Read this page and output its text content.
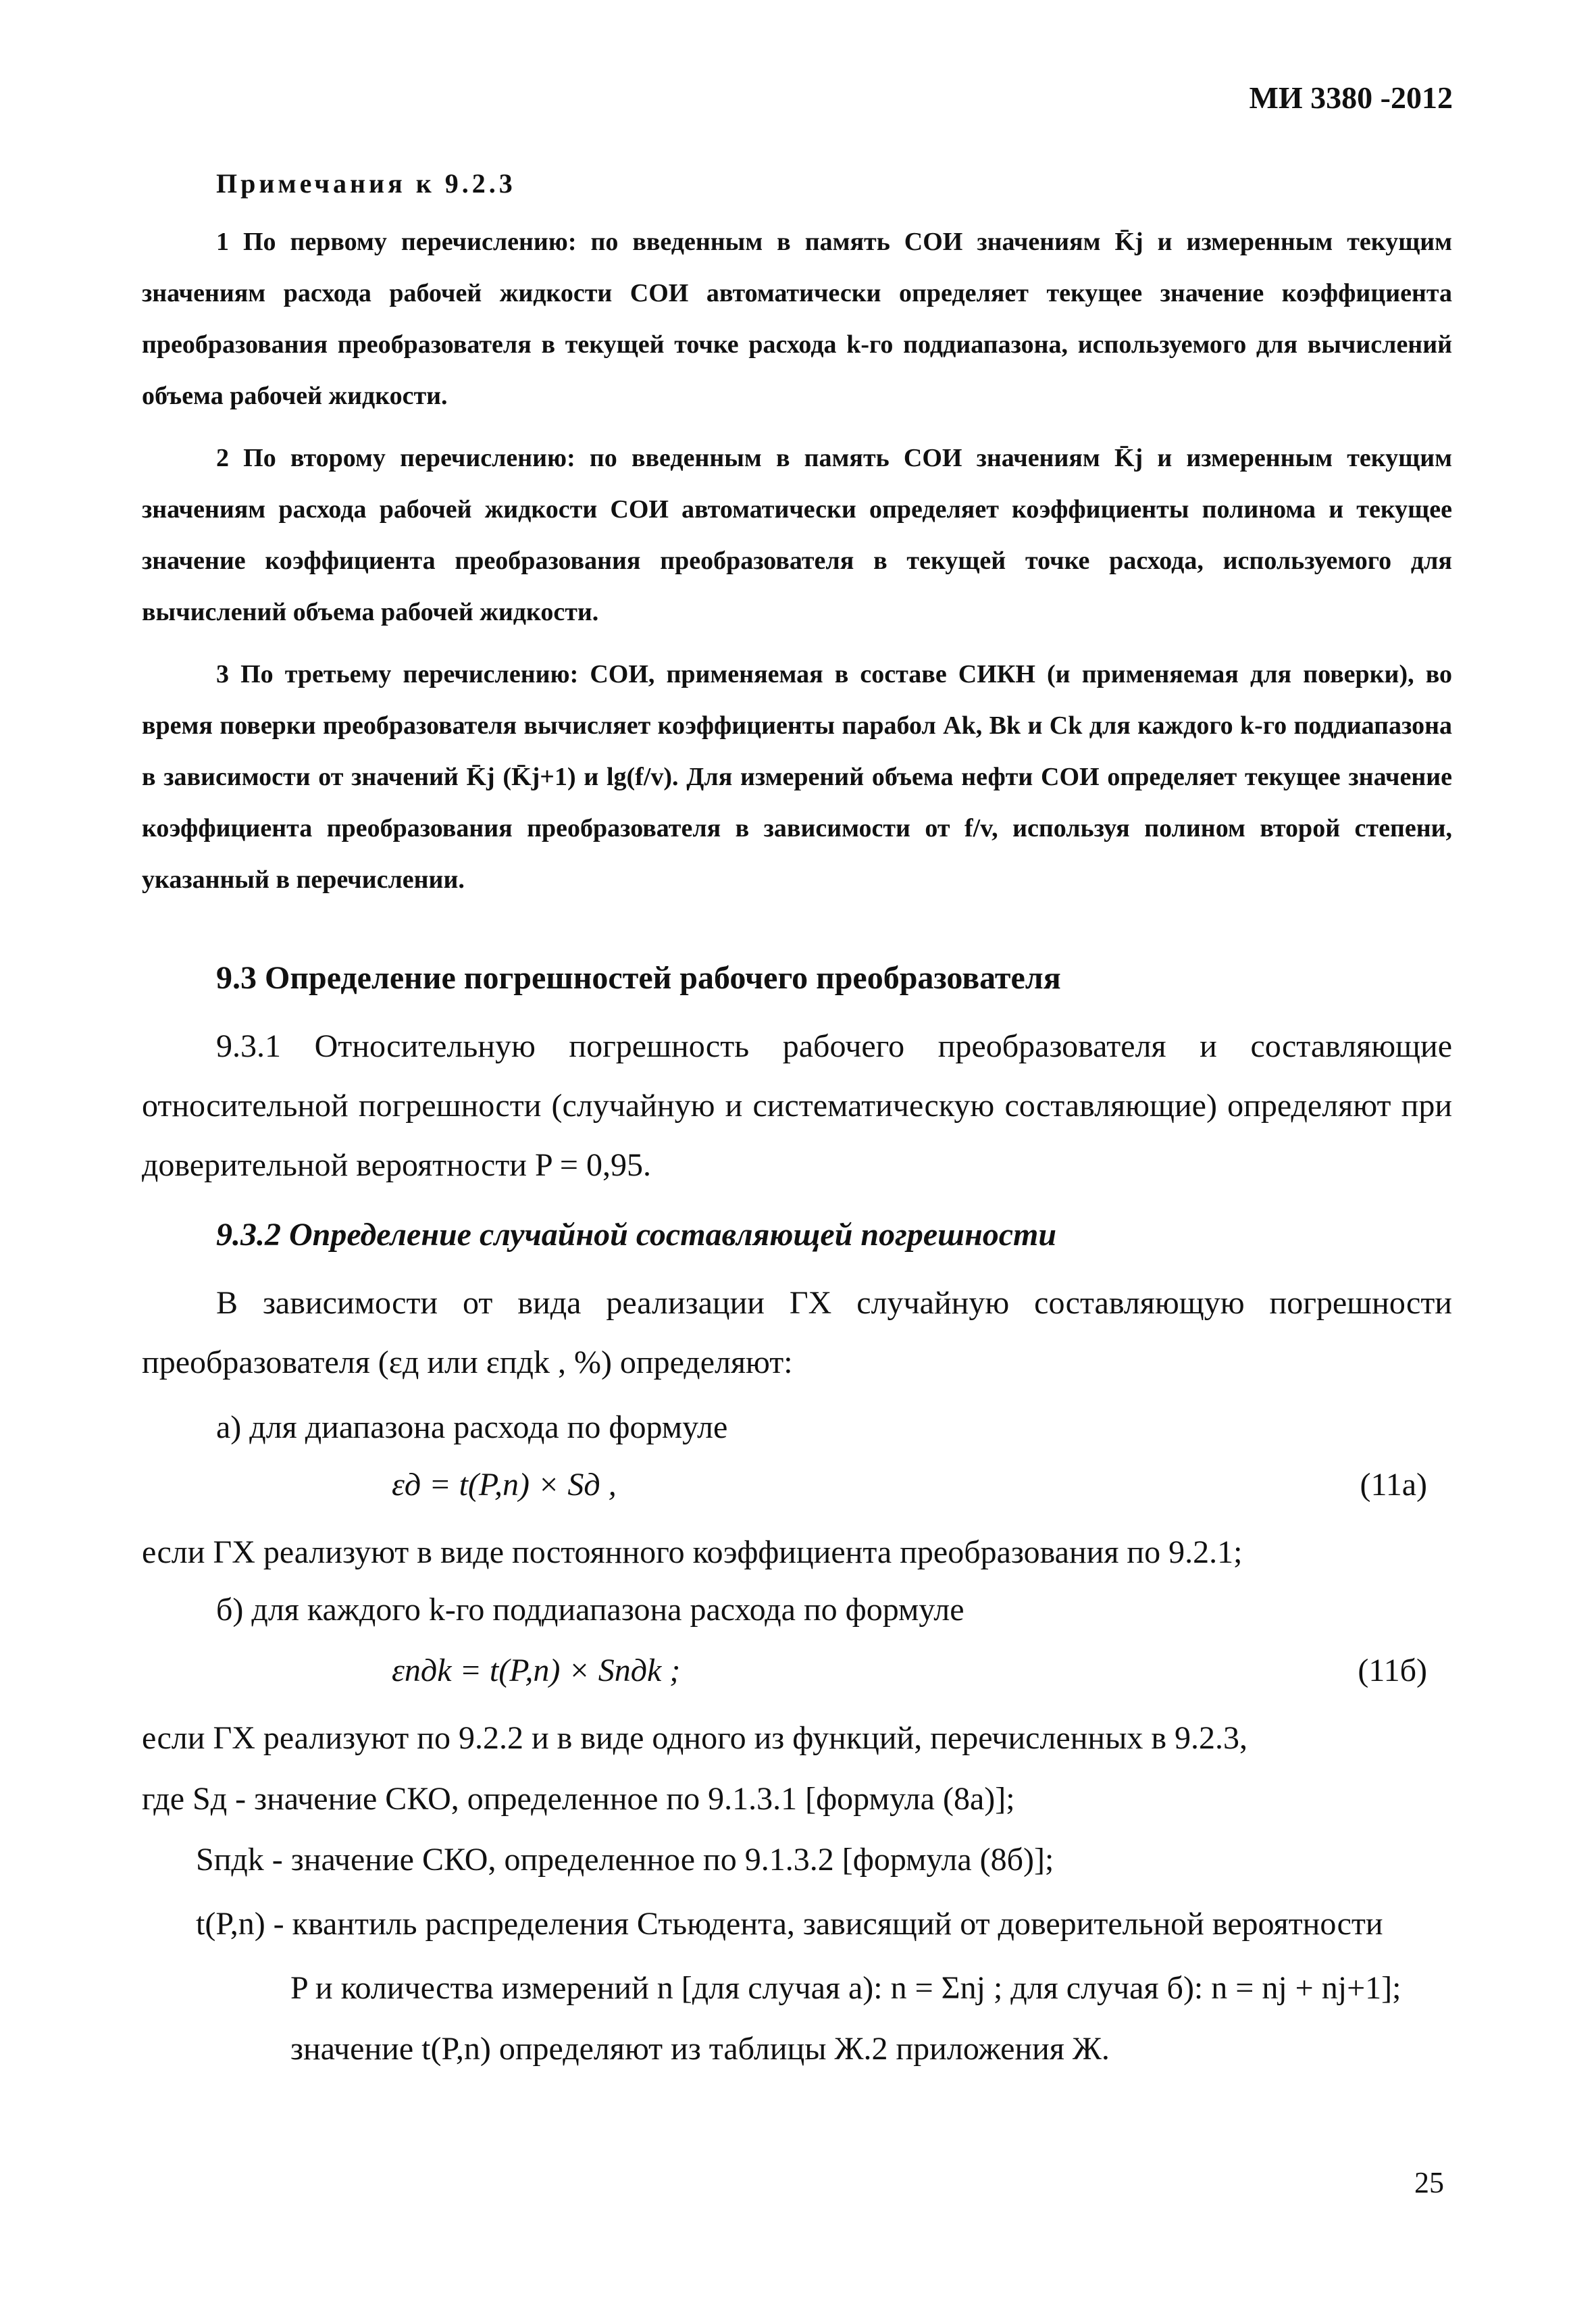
МИ 3380 -2012
Примечания к 9.2.3

1 По первому перечислению: по введенным в память СОИ значениям K̄j и измеренным текущим значениям расхода рабочей жидкости СОИ автоматически определяет текущее значение коэффициента преобразования преобразователя в текущей точке расхода k-го поддиапазона, используемого для вычислений объема рабочей жидкости.

2 По второму перечислению: по введенным в память СОИ значениям K̄j и измеренным текущим значениям расхода рабочей жидкости СОИ автоматически определяет коэффициенты полинома и текущее значение коэффициента преобразования преобразователя в текущей точке расхода, используемого для вычислений объема рабочей жидкости.

3 По третьему перечислению: СОИ, применяемая в составе СИКН (и применяемая для поверки), во время поверки преобразователя вычисляет коэффициенты парабол Ak, Bk и Ck для каждого k-го поддиапазона в зависимости от значений K̄j (K̄j+1) и lg(f/v). Для измерений объема нефти СОИ определяет текущее значение коэффициента преобразования преобразователя в зависимости от f/v, используя полином второй степени, указанный в перечислении.

9.3 Определение погрешностей рабочего преобразователя

9.3.1 Относительную погрешность рабочего преобразователя и составляющие относительной погрешности (случайную и систематическую составляющие) определяют при доверительной вероятности P = 0,95.

9.3.2 Определение случайной составляющей погрешности

В зависимости от вида реализации ГХ случайную составляющую погрешности преобразователя (εд или εпдk , %) определяют:

а) для диапазона расхода по формуле
εд = t(P,n) × Sд ,	(11а)
если ГХ реализуют в виде постоянного коэффициента преобразования по 9.2.1;
б) для каждого k-го поддиапазона расхода по формуле
εпдk = t(P,n) × Sпдk ;	(11б)
если ГХ реализуют по 9.2.2 и в виде одного из функций, перечисленных в 9.2.3,
где Sд - значение СКО, определенное по 9.1.3.1 [формула (8а)];
Sпдk - значение СКО, определенное по 9.1.3.2 [формула (8б)];
t(P,n) - квантиль распределения Стьюдента, зависящий от доверительной вероятности
P и количества измерений n [для случая а): n = Σnj ; для случая б): n = nj + nj+1];
значение t(P,n) определяют из таблицы Ж.2 приложения Ж.
25
